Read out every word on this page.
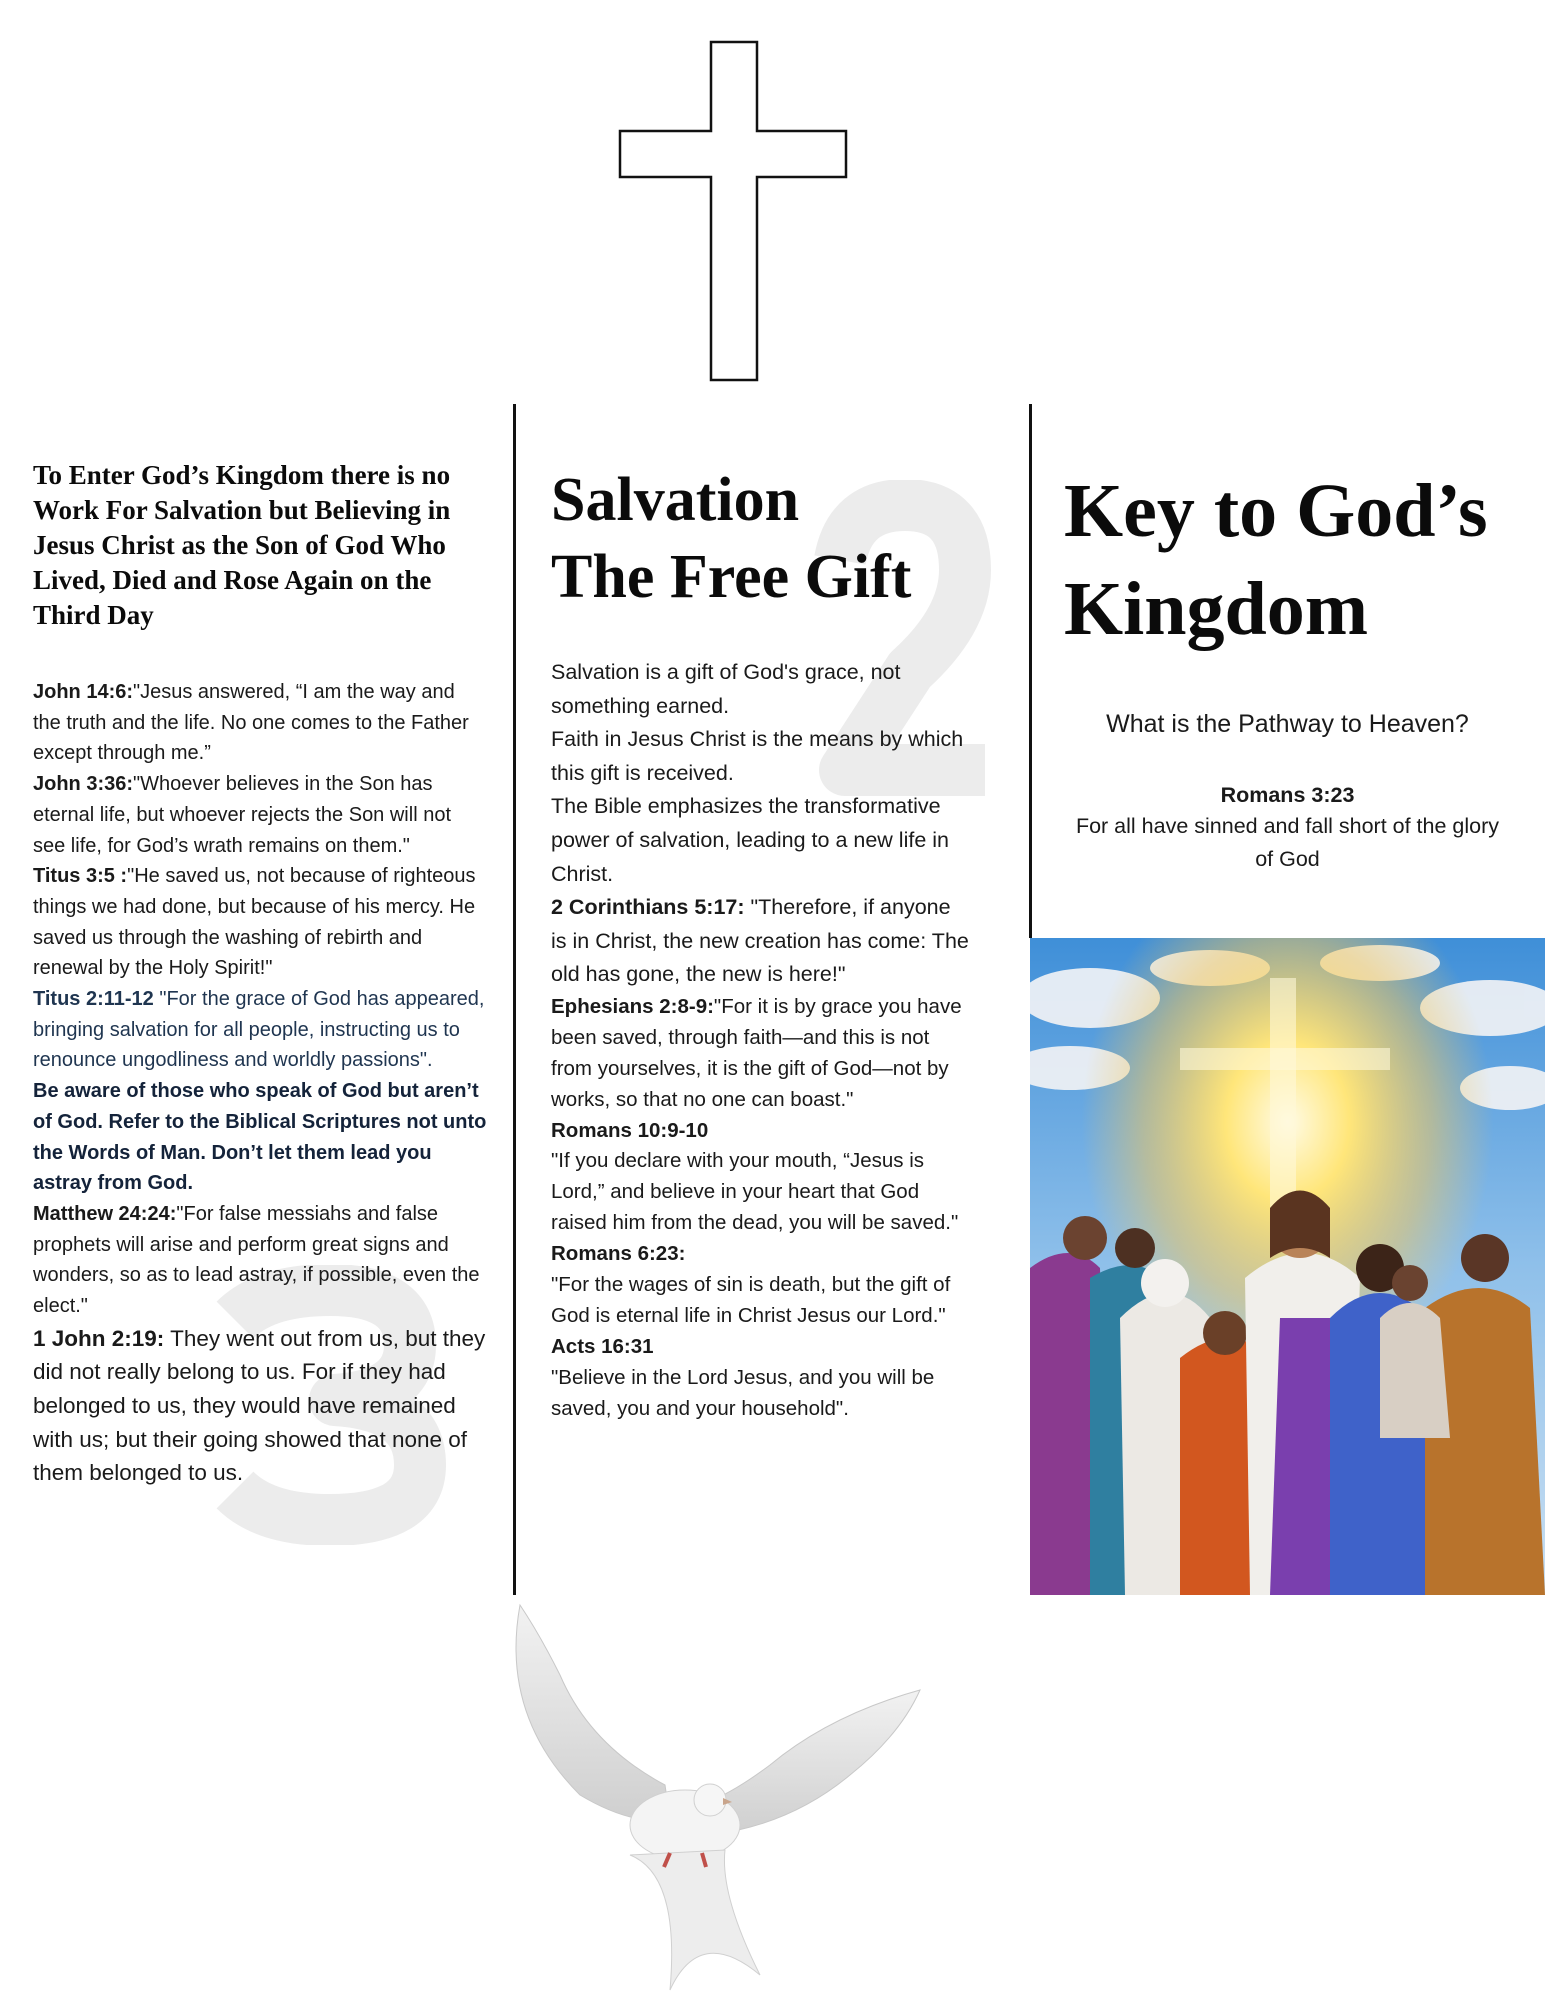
To Enter God’s Kingdom there is no Work For Salvation but Believing in Jesus Christ as the Son of God Who Lived, Died and Rose Again on the Third Day

John 14:6:"Jesus answered, “I am the way and the truth and the life. No one comes to the Father except through me.”

John 3:36:"Whoever believes in the Son has eternal life, but whoever rejects the Son will not see life, for God’s wrath remains on them."

Titus 3:5 :"He saved us, not because of righteous things we had done, but because of his mercy. He saved us through the washing of rebirth and renewal by the Holy Spirit!"

Titus 2:11-12 "For the grace of God has appeared, bringing salvation for all people, instructing us to renounce ungodliness and worldly passions".

Be aware of those who speak of God but aren’t of God. Refer to the Biblical Scriptures not unto the Words of Man. Don’t let them lead you astray from God.

Matthew 24:24:"For false messiahs and false prophets will arise and perform great signs and wonders, so as to lead astray, if possible, even the elect."

1 John 2:19: They went out from us, but they did not really belong to us. For if they had belonged to us, they would have remained with us; but their going showed that none of them belonged to us.

Salvation
The Free Gift

Salvation is a gift of God's grace, not something earned.

Faith in Jesus Christ is the means by which this gift is received.

The Bible emphasizes the transformative power of salvation, leading to a new life in Christ.

2 Corinthians 5:17: "Therefore, if anyone is in Christ, the new creation has come: The old has gone, the new is here!"

Ephesians 2:8-9:"For it is by grace you have been saved, through faith—and this is not from yourselves, it is the gift of God—not by works, so that no one can boast."

Romans 10:9-10

"If you declare with your mouth, “Jesus is Lord,” and believe in your heart that God raised him from the dead, you will be saved."

Romans 6:23:

"For the wages of sin is death, but the gift of God is eternal life in Christ Jesus our Lord."

Acts 16:31

"Believe in the Lord Jesus, and you will be saved, you and your household".

Key to God’s
Kingdom
What is the Pathway to Heaven?
Romans 3:23
For all have sinned and fall short of the glory of God
